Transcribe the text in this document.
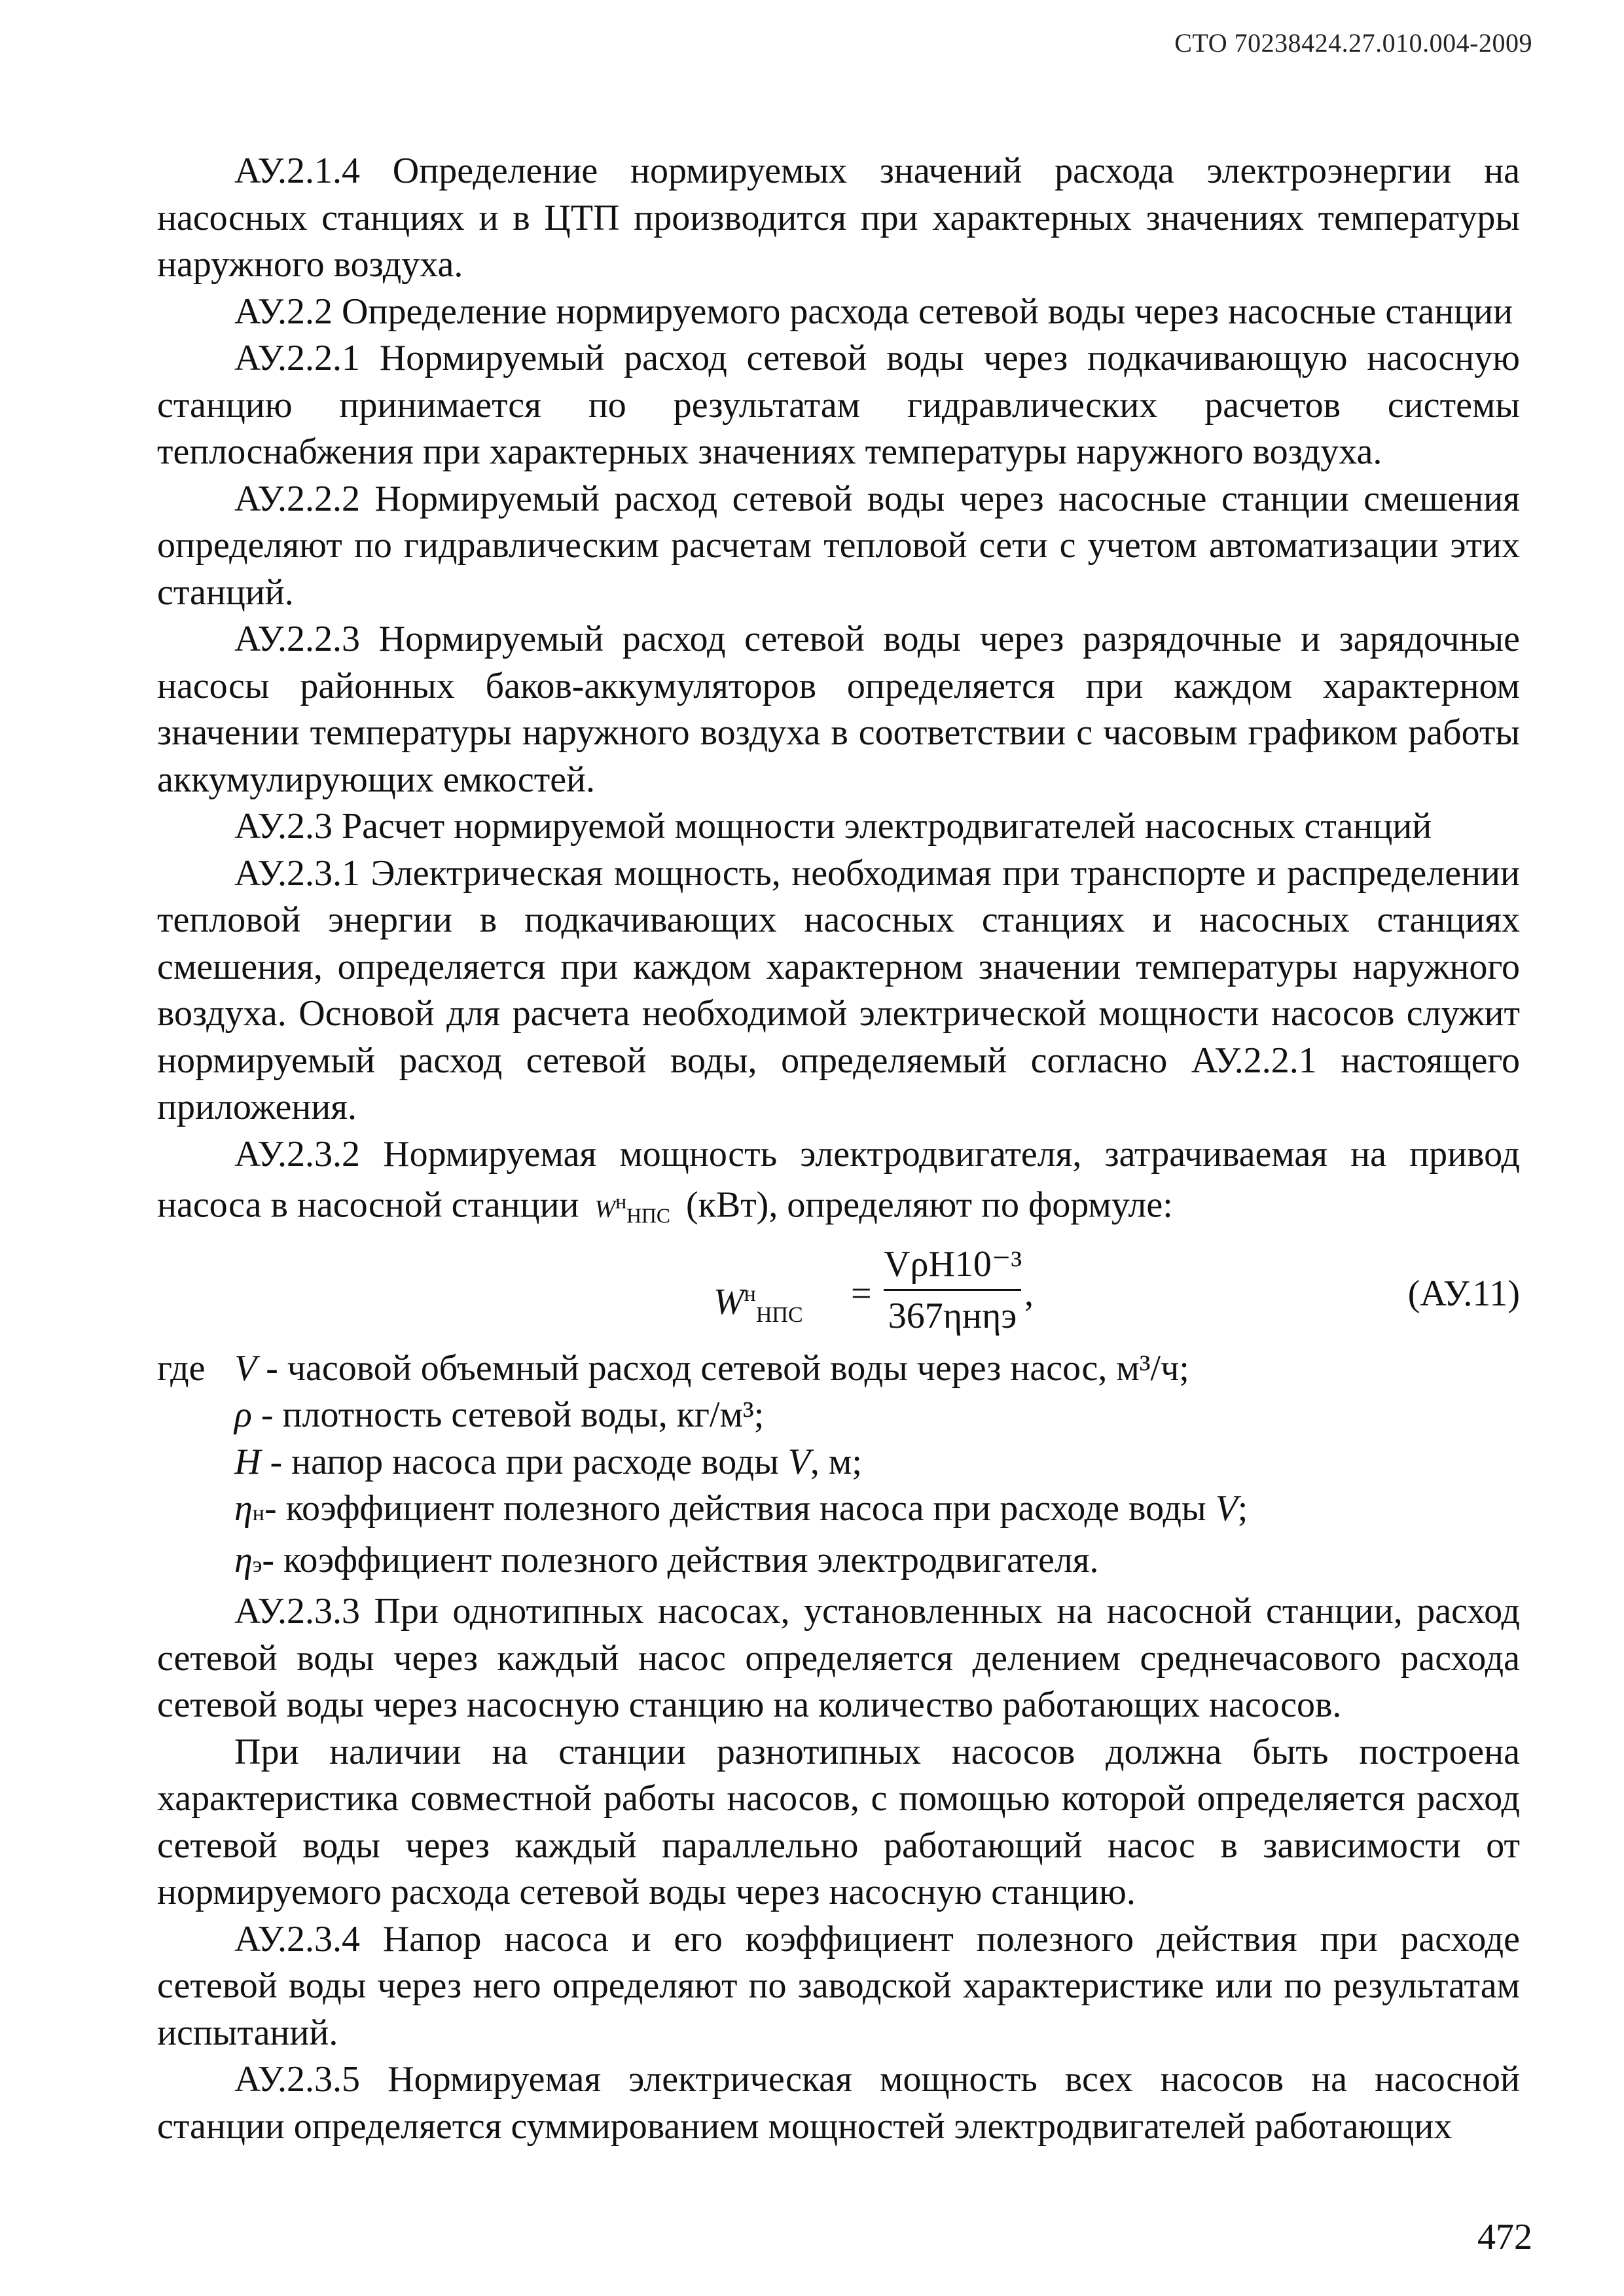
СТО 70238424.27.010.004-2009

АУ.2.1.4 Определение нормируемых значений расхода электроэнергии на насосных станциях и в ЦТП производится при характерных значениях температуры наружного воздуха.

АУ.2.2 Определение нормируемого расхода сетевой воды через насосные станции

АУ.2.2.1 Нормируемый расход сетевой воды через подкачивающую насосную станцию принимается по результатам гидравлических расчетов системы теплоснабжения при характерных значениях температуры наружного воздуха.

АУ.2.2.2 Нормируемый расход сетевой воды через насосные станции смешения определяют по гидравлическим расчетам тепловой сети с учетом автоматизации этих станций.

АУ.2.2.3 Нормируемый расход сетевой воды через разрядочные и зарядочные насосы районных баков-аккумуляторов определяется при каждом характерном значении температуры наружного воздуха в соответствии с часовым графиком работы аккумулирующих емкостей.

АУ.2.3 Расчет нормируемой мощности электродвигателей насосных станций

АУ.2.3.1 Электрическая мощность, необходимая при транспорте и распределении тепловой энергии в подкачивающих насосных станциях и насосных станциях смешения, определяется при каждом характерном значении температуры наружного воздуха. Основой для расчета необходимой электрической мощности насосов служит нормируемый расход сетевой воды, определяемый согласно АУ.2.2.1 настоящего приложения.

АУ.2.3.2 Нормируемая мощность электродвигателя, затрачиваемая на привод насоса в насосной станции $W^н_{НПС}$ (кВт), определяют по формуле:

$W^н_{НПС}$
=
VρH10⁻³
367ηнηэ
,	(АУ.11)
где V - часовой объемный расход сетевой воды через насос, м³/ч;
ρ - плотность сетевой воды, кг/м³;
H - напор насоса при расходе воды V, м;
ηн- коэффициент полезного действия насоса при расходе воды V;
ηэ- коэффициент полезного действия электродвигателя.

АУ.2.3.3 При однотипных насосах, установленных на насосной станции, расход сетевой воды через каждый насос определяется делением среднечасового расхода сетевой воды через насосную станцию на количество работающих насосов.

При наличии на станции разнотипных насосов должна быть построена характеристика совместной работы насосов, с помощью которой определяется расход сетевой воды через каждый параллельно работающий насос в зависимости от нормируемого расхода сетевой воды через насосную станцию.

АУ.2.3.4 Напор насоса и его коэффициент полезного действия при расходе сетевой воды через него определяют по заводской характеристике или по результатам испытаний.

АУ.2.3.5 Нормируемая электрическая мощность всех насосов на насосной станции определяется суммированием мощностей электродвигателей работающих

472
